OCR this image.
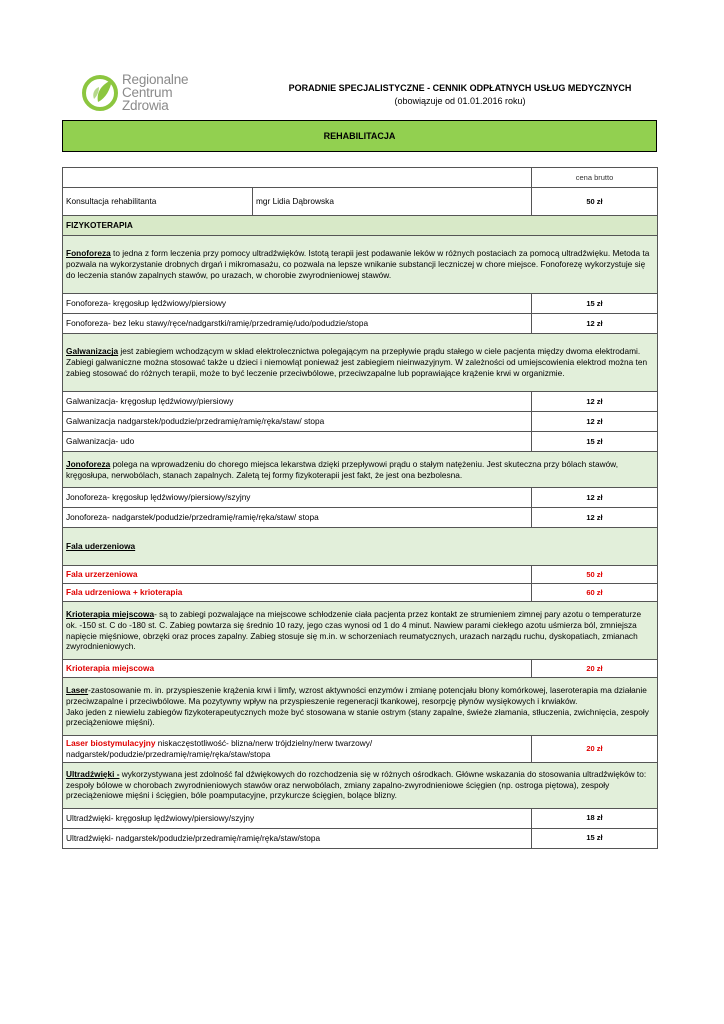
Regionalne
Centrum
Zdrowia
PORADNIE SPECJALISTYCZNE - CENNIK ODPŁATNYCH USŁUG MEDYCZNYCH
(obowiązuje od 01.01.2016 roku)
REHABILITACJA
		cena brutto
Konsultacja rehabilitanta	mgr Lidia Dąbrowska	50 zł
FIZYKOTERAPIA		
Fonoforeza to jedna z form leczenia przy pomocy ultradźwięków. Istotą terapii jest podawanie leków w różnych postaciach za pomocą ultradźwięku. Metoda ta pozwala na wykorzystanie drobnych drgań i mikromasażu, co pozwala na lepsze wnikanie substancji leczniczej w chore miejsce. Fonoforezę wykorzystuje się do leczenia stanów zapalnych stawów, po urazach, w chorobie zwyrodnieniowej stawów.		
Fonoforeza- kręgosłup lędźwiowy/piersiowy		15 zł
Fonoforeza- bez leku stawy/ręce/nadgarstki/ramię/przedramię/udo/podudzie/stopa		12 zł
Galwanizacja jest zabiegiem wchodzącym w skład elektrolecznictwa polegającym na przepływie prądu stałego w ciele pacjenta między dwoma elektrodami. Zabiegi galwaniczne można stosować także u dzieci i niemowląt ponieważ jest zabiegiem nieinwazyjnym. W zależności od umiejscowienia elektrod można ten zabieg stosować do różnych terapii, może to być leczenie przeciwbólowe, przeciwzapalne lub poprawiające krążenie krwi w organizmie.		
Galwanizacja- kręgosłup lędźwiowy/piersiowy		12 zł
Galwanizacja nadgarstek/podudzie/przedramię/ramię/ręka/staw/ stopa		12 zł
Galwanizacja- udo		15 zł
Jonoforeza polega na wprowadzeniu do chorego miejsca lekarstwa dzięki przepływowi prądu o stałym natężeniu. Jest skuteczna przy bólach stawów, kręgosłupa, nerwobólach, stanach zapalnych. Zaletą tej formy fizykoterapii jest fakt, że jest ona bezbolesna.		
Jonoforeza- kręgosłup lędźwiowy/piersiowy/szyjny		12 zł
Jonoforeza- nadgarstek/podudzie/przedramię/ramię/ręka/staw/ stopa		12 zł
Fala uderzeniowa		
Fala urzerzeniowa		50 zł
Fala udrzeniowa + krioterapia		60 zł
Krioterapia miejscowa- są to zabiegi pozwalające na miejscowe schłodzenie ciała pacjenta przez kontakt ze strumieniem zimnej pary azotu o temperaturze ok. -150 st. C do -180 st. C. Zabieg powtarza się średnio 10 razy, jego czas wynosi od 1 do 4 minut. Nawiew parami ciekłego azotu uśmierza ból, zmniejsza napięcie mięśniowe, obrzęki oraz proces zapalny. Zabieg stosuje się m.in. w schorzeniach reumatycznych, urazach narządu ruchu, dyskopatiach, zmianach zwyrodnieniowych.		
Krioterapia miejscowa		20 zł
Laser-zastosowanie m. in. przyspieszenie krążenia krwi i limfy, wzrost aktywności enzymów i zmianę potencjału błony komórkowej, laseroterapia ma działanie przeciwzapalne i przeciwbólowe. Ma pozytywny wpływ na przyspieszenie regeneracji tkankowej, resorpcję płynów wysiękowych i krwiaków.
Jako jeden z niewielu zabiegów fizykoterapeutycznych może być stosowana w stanie ostrym (stany zapalne, świeże złamania, stłuczenia, zwichnięcia, zespoły przeciążeniowe mięśni).		
Laser biostymulacyjny niskaczęstotliwość- blizna/nerw trójdzielny/nerw twarzowy/ nadgarstek/podudzie/przedramię/ramię/ręka/staw/stopa		20 zł
Ultradźwięki - wykorzystywana jest zdolność fal dźwiękowych do rozchodzenia się w różnych ośrodkach. Główne wskazania do stosowania ultradźwięków to: zespoły bólowe w chorobach zwyrodnieniowych stawów oraz nerwobólach, zmiany zapalno-zwyrodnieniowe ścięgien (np. ostroga piętowa), zespoły przeciążeniowe mięśni i ścięgien, bóle poamputacyjne, przykurcze ścięgien, bolące blizny.		
Ultradźwięki- kręgosłup lędźwiowy/piersiowy/szyjny		18 zł
Ultradźwięki- nadgarstek/podudzie/przedramię/ramię/ręka/staw/stopa		15 zł
